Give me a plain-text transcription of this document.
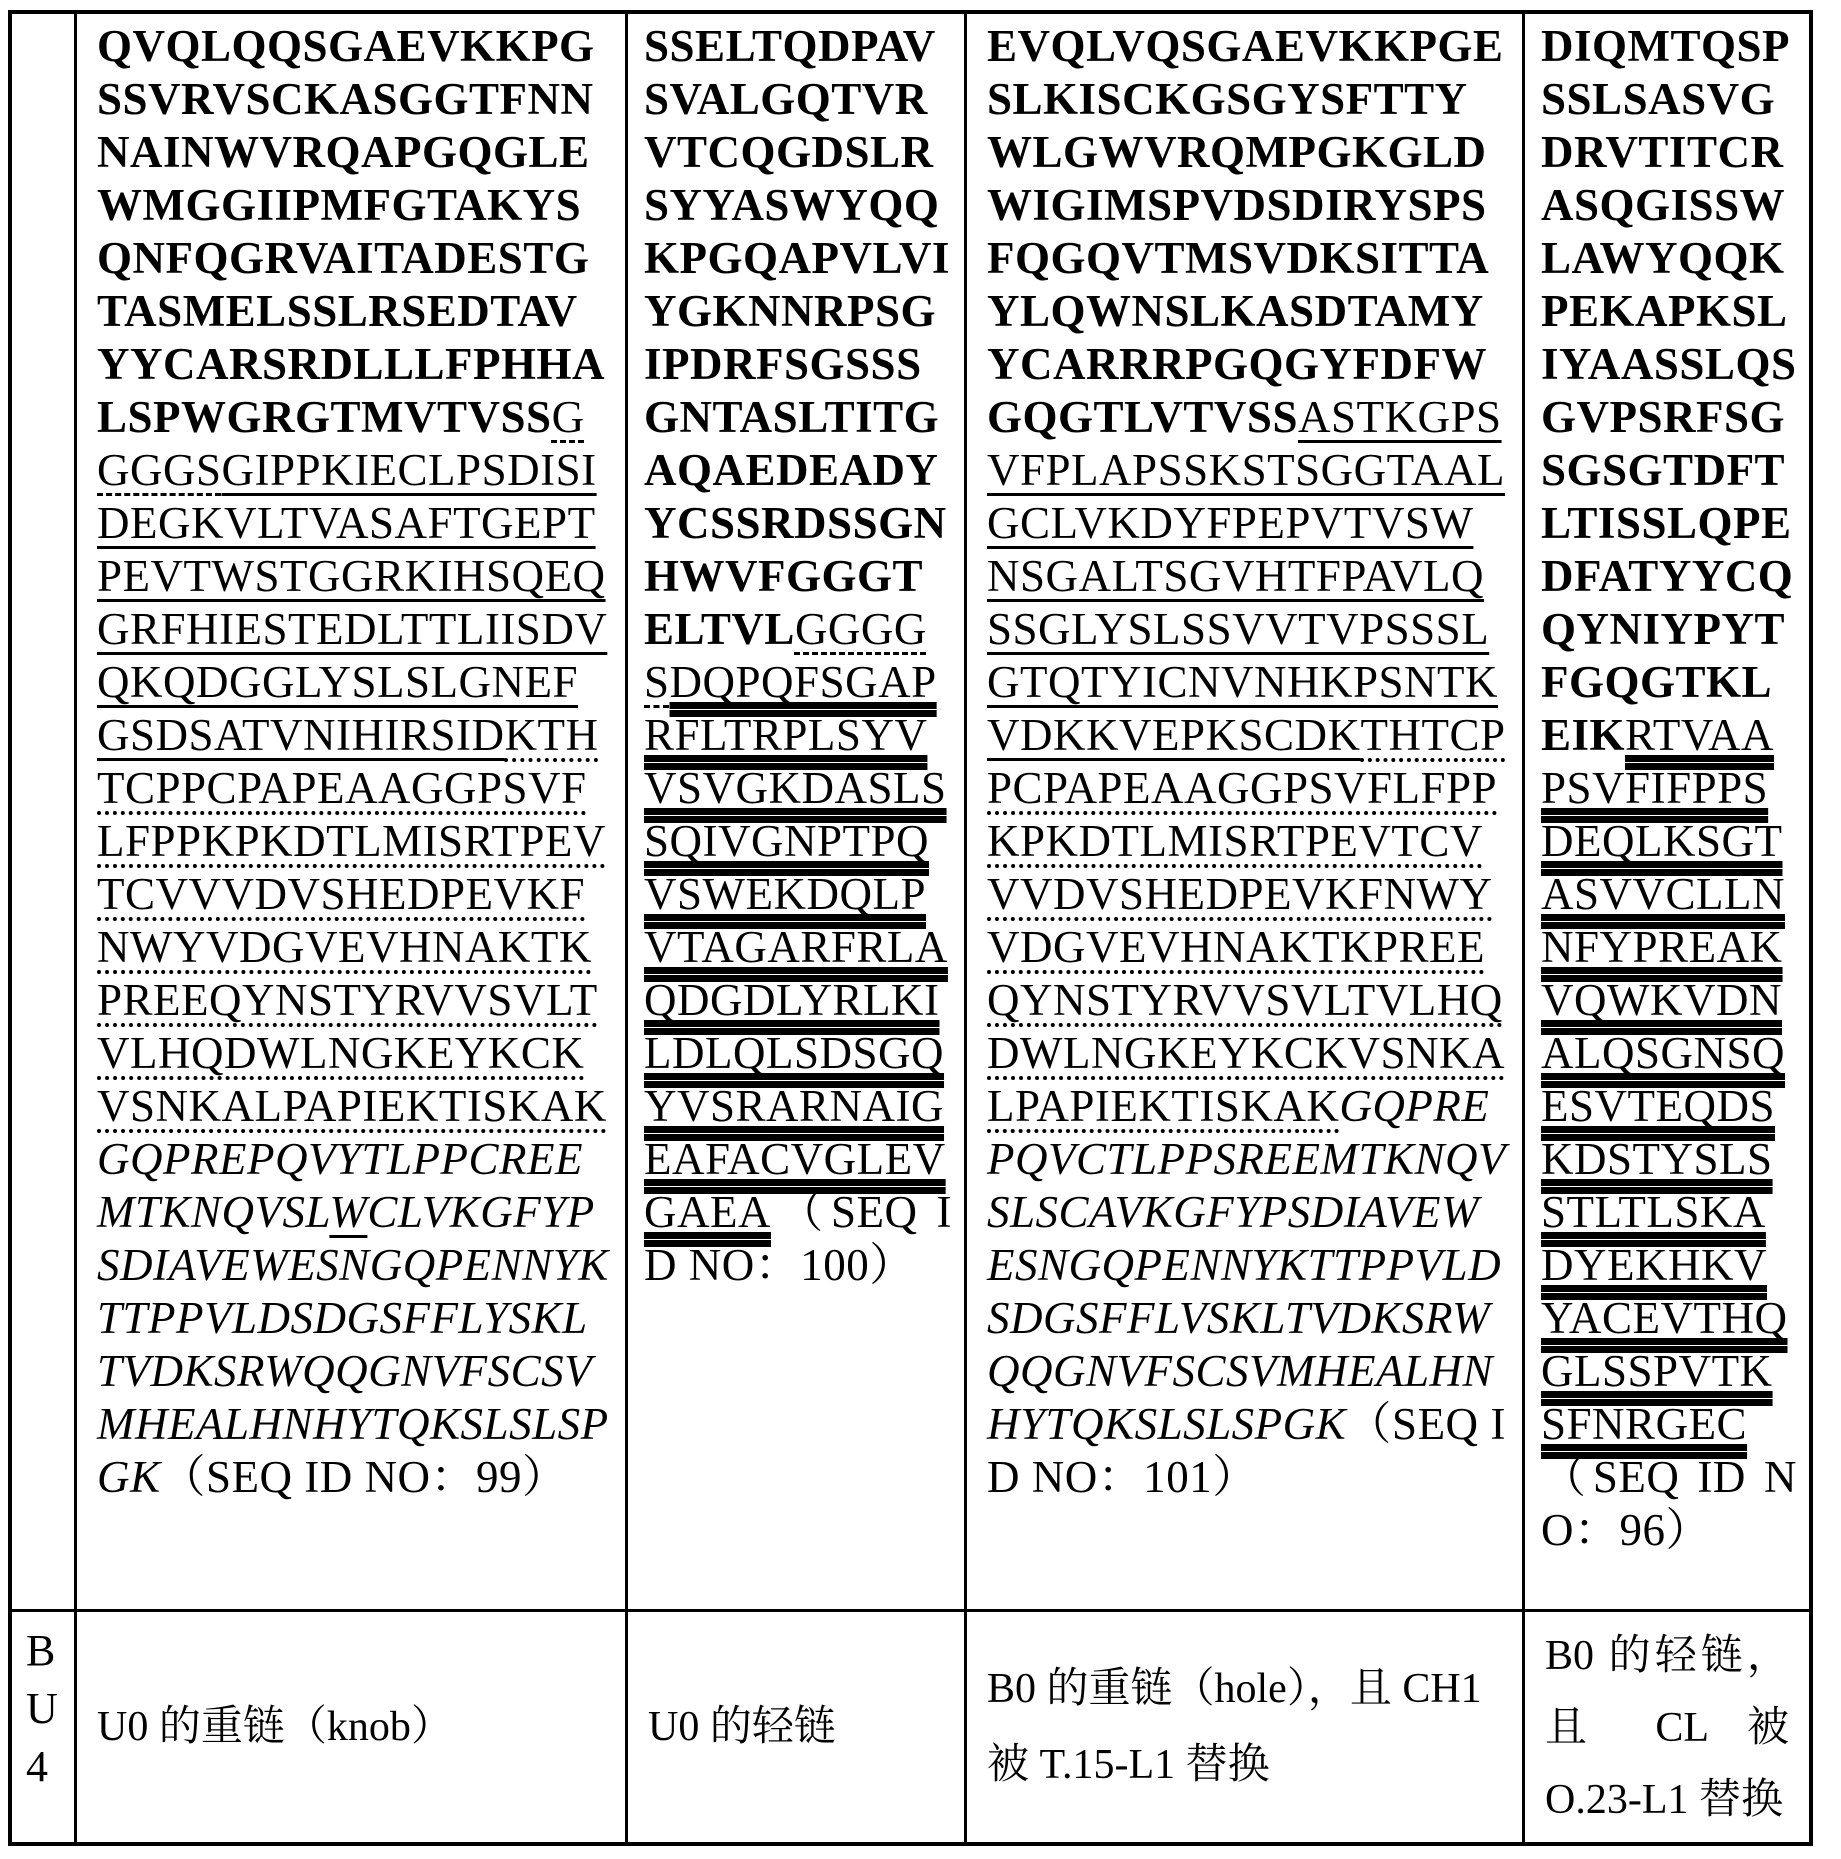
QVQLQQSGAEVKKPGSSVRVSCKASGGTFNNNAINWVRQAPGQGLEWMGGIIPMFGTAKYSQNFQGRVAITADESTGTASMELSSLRSEDTAVYYCARSRDLLLFPHHALSPWGRGTMVTVSSGGGGSGIPPKIECLPSDISIDEGKVLTVASAFTGEPTPEVTWSTGGRKIHSQEQGRFHIESTEDLTTLIISDVQKQDGGLYSLSLGNEFGSDSATVNIHIRSIDKTHTCPPCPAPEAAGGPSVFLFPPKPKDTLMISRTPEVTCVVVDVSHEDPEVKFNWYVDGVEVHNAKTKPREEQYNSTYRVVSVLTVLHQDWLNGKEYKCKVSNKALPAPIEKTISKAKGQPREPQVYTLPPCREEMTKNQVSLWCLVKGFYPSDIAVEWESNGQPENNYKTTPPVLDSDGSFFLYSKLTVDKSRWQQGNVFSCSVMHEALHNHYTQKSLSLSPGK（SEQ ID NO：99）
SSELTQDPAVSVALGQTVRVTCQGDSLRSYYASWYQQKPGQAPVLVIYGKNNRPSGIPDRFSGSSSGNTASLTITGAQAEDEADYYCSSRDSSGNHWVFGGGTELTVLGGGGSDQPQFSGAPRFLTRPLSYVVSVGKDASLSSQIVGNPTPQVSWEKDQLPVTAGARFRLAQDGDLYRLKILDLQLSDSGQYVSRARNAIGEAFACVGLEVGAEA（SEQ ID NO：100）
EVQLVQSGAEVKKPGESLKISCKGSGYSFTTYWLGWVRQMPGKGLDWIGIMSPVDSDIRYSPSFQGQVTMSVDKSITTAYLQWNSLKASDTAMYYCARRRPGQGYFDFWGQGTLVTVSSASTKGPSVFPLAPSSKSTSGGTAALGCLVKDYFPEPVTVSWNSGALTSGVHTFPAVLQSSGLYSLSSVVTVPSSSLGTQTYICNVNHKPSNTKVDKKVEPKSCDKTHTCPPCPAPEAAGGPSVFLFPPKPKDTLMISRTPEVTCVVVDVSHEDPEVKFNWYVDGVEVHNAKTKPREEQYNSTYRVVSVLTVLHQDWLNGKEYKCKVSNKALPAPIEKTISKAKGQPREPQVCTLPPSREEMTKNQVSLSCAVKGFYPSDIAVEWESNGQPENNYKTTPPVLDSDGSFFLVSKLTVDKSRWQQGNVFSCSVMHEALHNHYTQKSLSLSPGK（SEQ ID NO：101）
DIQMTQSPSSLSASVGDRVTITCRASQGISSWLAWYQQKPEKAPKSLIYAASSLQSGVPSRFSGSGSGTDFTLTISSLQPEDFATYYCQQYNIYPYTFGQGTKLEIKRTVAAPSVFIFPPSDEQLKSGTASVVCLLNNFYPREAKVQWKVDNALQSGNSQESVTEQDSKDSTYSLSSTLTLSKADYEKHKVYACEVTHQGLSSPVTKSFNRGEC（SEQ ID NO：96）
B
U
4
U0 的重链（knob）	U0 的轻链
B0 的重链（hole），且 CH1 被 T.15-L1 替换
B0 的轻链，且 CL 被 O.23-L1 替换
